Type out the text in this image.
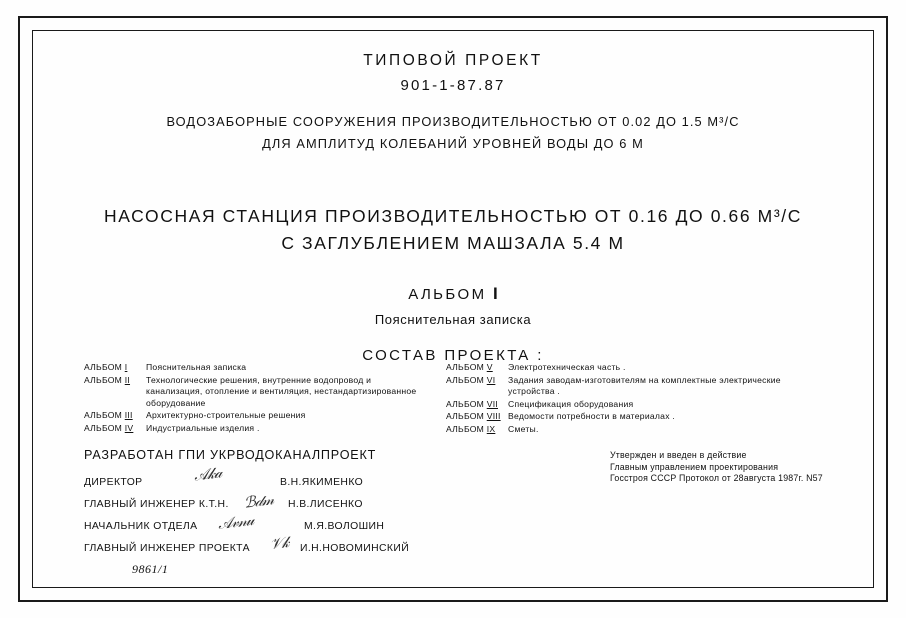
ТИПОВОЙ ПРОЕКТ
901-1-87.87
ВОДОЗАБОРНЫЕ СООРУЖЕНИЯ ПРОИЗВОДИТЕЛЬНОСТЬЮ ОТ 0.02 ДО 1.5 М³/С
ДЛЯ АМПЛИТУД КОЛЕБАНИЙ УРОВНЕЙ ВОДЫ ДО 6 М
НАСОСНАЯ СТАНЦИЯ ПРОИЗВОДИТЕЛЬНОСТЬЮ ОТ 0.16 ДО 0.66 М³/С
С ЗАГЛУБЛЕНИЕМ МАШЗАЛА 5.4 М
АЛЬБОМ I
Пояснительная записка
СОСТАВ ПРОЕКТА :
АЛЬБОМ I	Пояснительная записка
АЛЬБОМ II	Технологические решения, внутренние водопровод и канализация, отопление и вентиляция, нестандартизированное оборудование
АЛЬБОМ III	Архитектурно-строительные решения
АЛЬБОМ IV	Индустриальные изделия .
АЛЬБОМ V	Электротехническая часть .
АЛЬБОМ VI	Задания заводам-изготовителям на комплектные электрические устройства .
АЛЬБОМ VII	Спецификация оборудования
АЛЬБОМ VIII Ведомости потребности в материалах .
АЛЬБОМ IX	Сметы.
РАЗРАБОТАН ГПИ УКРВОДОКАНАЛПРОЕКТ
ДИРЕКТОР	𝒜𝓀𝒶	В.Н.ЯКИМЕНКО
ГЛАВНЫЙ ИНЖЕНЕР К.Т.Н. ℬ𝒹𝓂 Н.В.ЛИСЕНКО
НАЧАЛЬНИК ОТДЕЛА 𝒜𝓋𝓃𝓊	М.Я.ВОЛОШИН
ГЛАВНЫЙ ИНЖЕНЕР ПРОЕКТА 𝒱𝓀 И.Н.НОВОМИНСКИЙ
9861/1
Утвержден и введен в действие
Главным управлением проектирования
Госстроя СССР Протокол от 28августа 1987г. N57
